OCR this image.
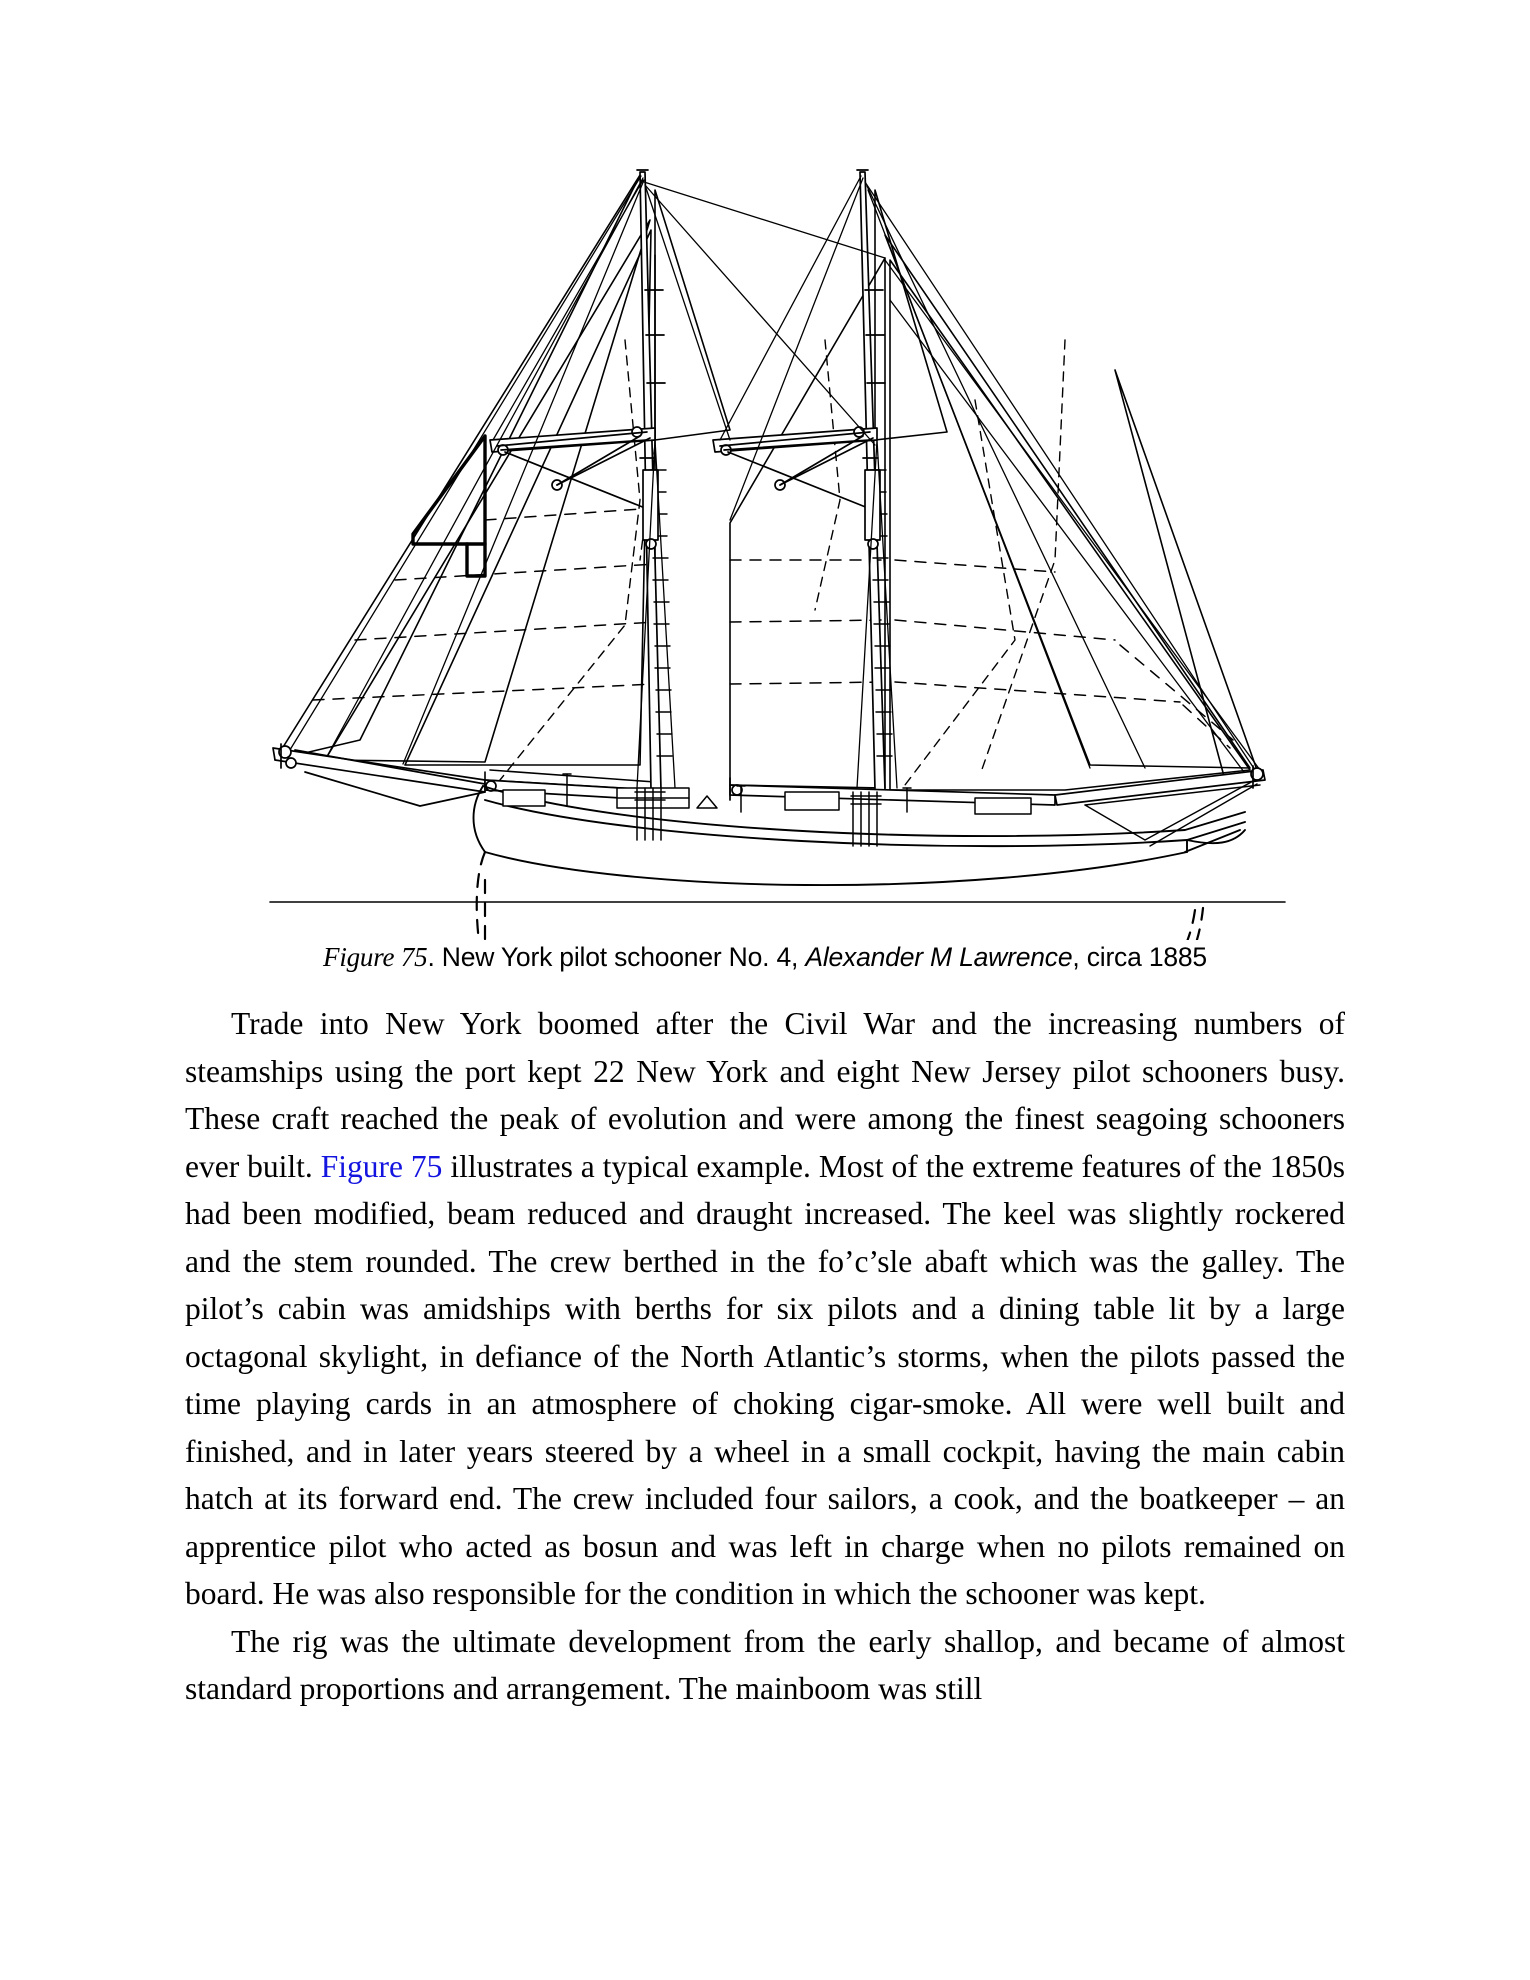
Figure 75. New York pilot schooner No. 4, Alexander M Lawrence, circa 1885

Trade into New York boomed after the Civil War and the increasing numbers of steamships using the port kept 22 New York and eight New Jersey pilot schooners busy. These craft reached the peak of evolution and were among the finest seagoing schooners ever built. Figure 75 illustrates a typical example. Most of the extreme features of the 1850s had been modified, beam reduced and draught increased. The keel was slightly rockered and the stem rounded. The crew berthed in the fo’c’sle abaft which was the galley. The pilot’s cabin was amidships with berths for six pilots and a dining table lit by a large octagonal skylight, in defiance of the North Atlantic’s storms, when the pilots passed the time playing cards in an atmosphere of choking cigar-smoke. All were well built and finished, and in later years steered by a wheel in a small cockpit, having the main cabin hatch at its forward end. The crew included four sailors, a cook, and the boatkeeper – an apprentice pilot who acted as bosun and was left in charge when no pilots remained on board. He was also responsible for the condition in which the schooner was kept.

The rig was the ultimate development from the early shallop, and became of almost standard proportions and arrangement. The mainboom was still
